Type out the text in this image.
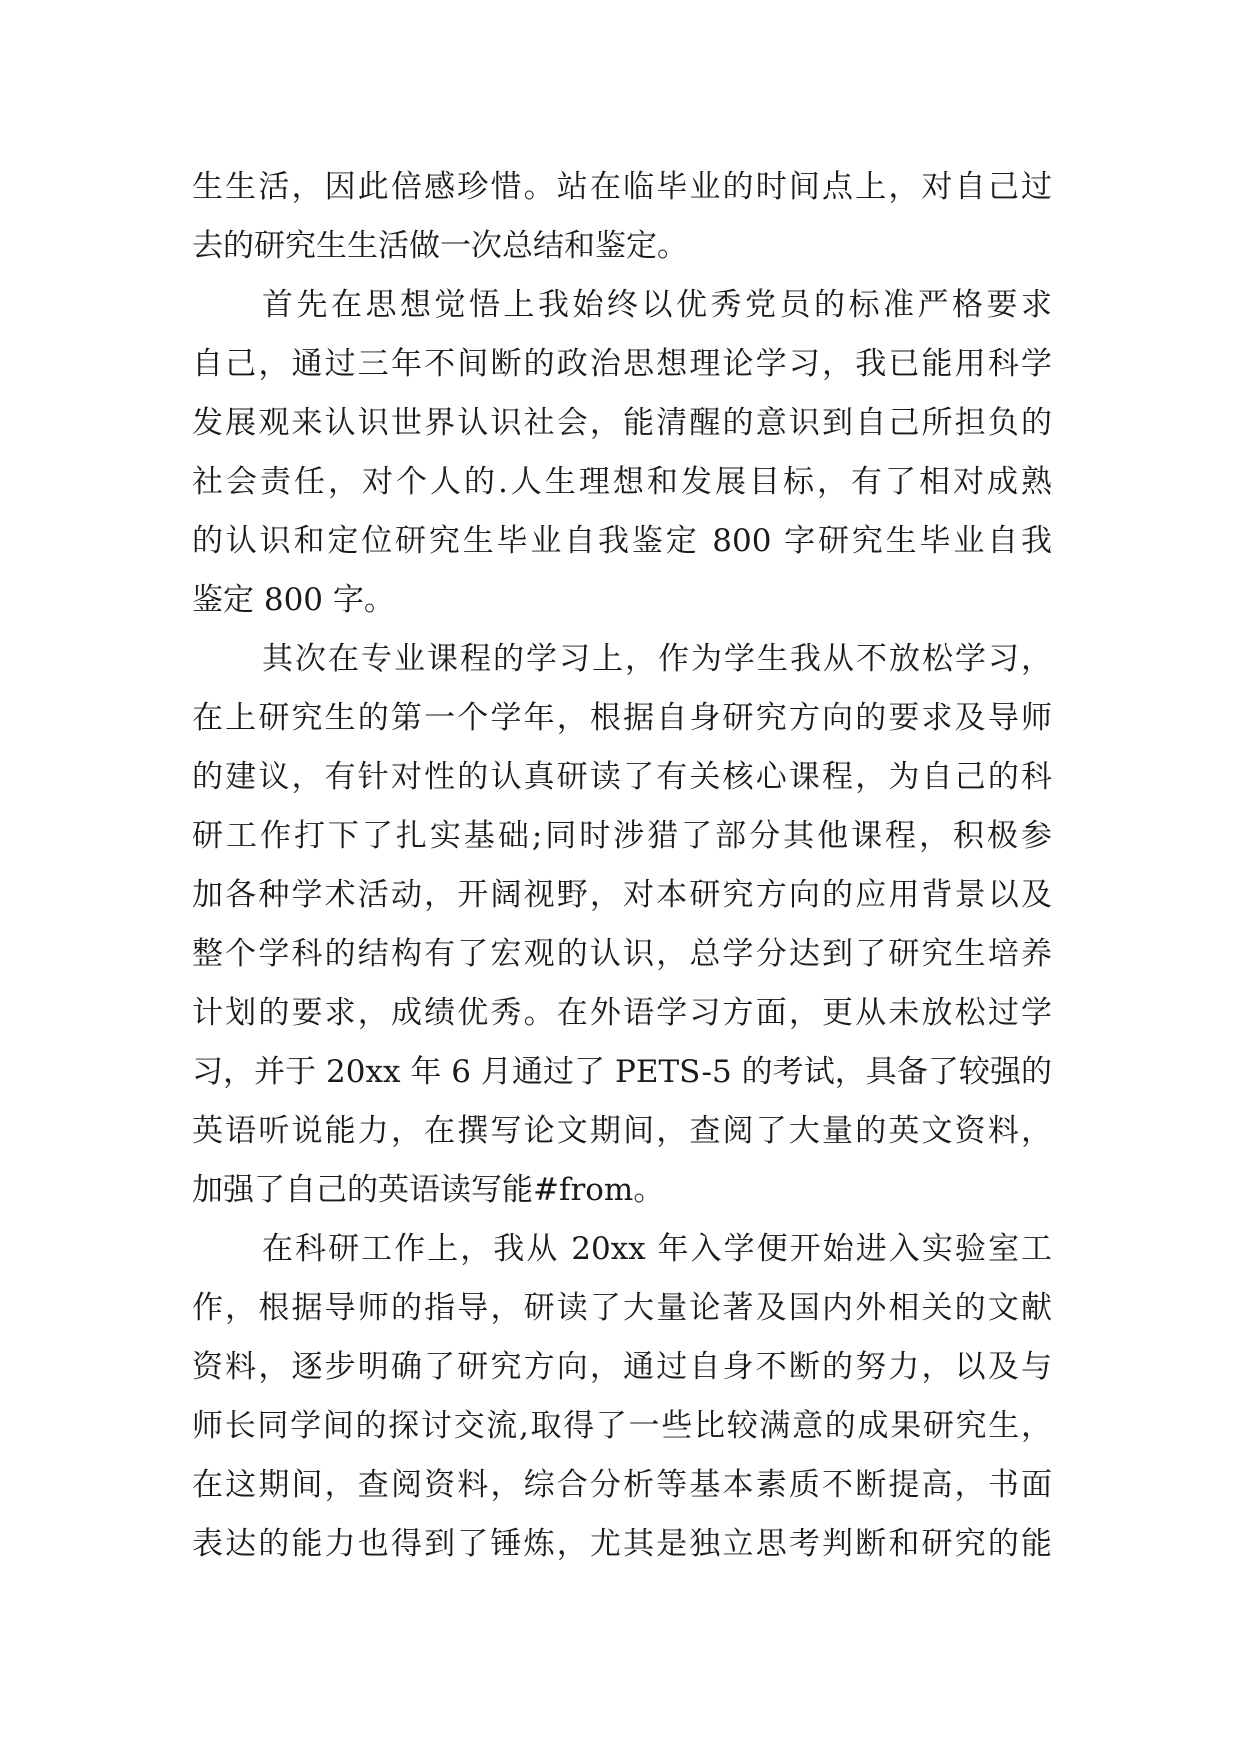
生生活，因此倍感珍惜。站在临毕业的时间点上，对自己过
去的研究生生活做一次总结和鉴定。
首先在思想觉悟上我始终以优秀党员的标准严格要求
自己，通过三年不间断的政治思想理论学习，我已能用科学
发展观来认识世界认识社会，能清醒的意识到自己所担负的
社会责任，对个人的.人生理想和发展目标，有了相对成熟
的认识和定位研究生毕业自我鉴定 800 字研究生毕业自我
鉴定 800 字。
其次在专业课程的学习上，作为学生我从不放松学习，
在上研究生的第一个学年，根据自身研究方向的要求及导师
的建议，有针对性的认真研读了有关核心课程，为自己的科
研工作打下了扎实基础;同时涉猎了部分其他课程，积极参
加各种学术活动，开阔视野，对本研究方向的应用背景以及
整个学科的结构有了宏观的认识，总学分达到了研究生培养
计划的要求，成绩优秀。在外语学习方面，更从未放松过学
习，并于 20xx 年 6 月通过了 PETS-5 的考试，具备了较强的
英语听说能力，在撰写论文期间，查阅了大量的英文资料，
加强了自己的英语读写能#from。
在科研工作上，我从 20xx 年入学便开始进入实验室工
作，根据导师的指导，研读了大量论著及国内外相关的文献
资料，逐步明确了研究方向，通过自身不断的努力，以及与
师长同学间的探讨交流,取得了一些比较满意的成果研究生，
在这期间，查阅资料，综合分析等基本素质不断提高，书面
表达的能力也得到了锤炼，尤其是独立思考判断和研究的能
